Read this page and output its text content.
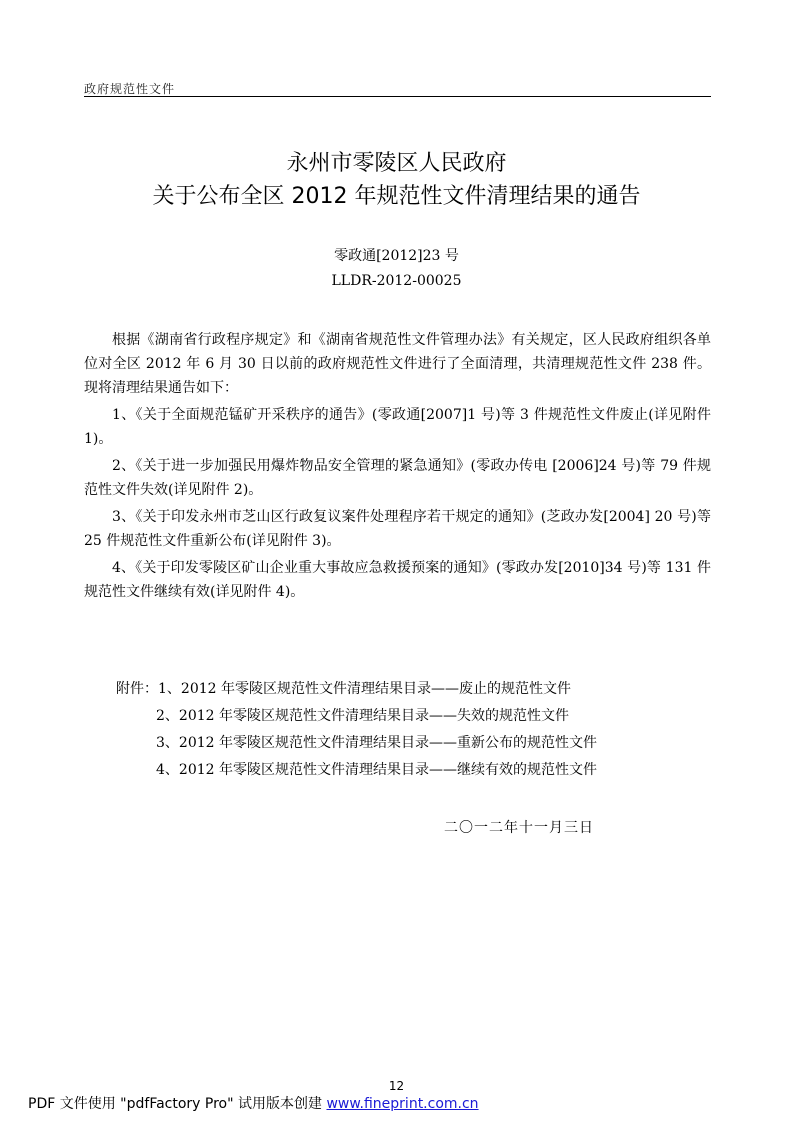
政府规范性文件
永州市零陵区人民政府
关于公布全区 2012 年规范性文件清理结果的通告
零政通[2012]23 号
LLDR-2012-00025

根据《湖南省行政程序规定》和《湖南省规范性文件管理办法》有关规定，区人民政府组织各单位对全区 2012 年 6 月 30 日以前的政府规范性文件进行了全面清理，共清理规范性文件 238 件。现将清理结果通告如下：

1、《关于全面规范锰矿开采秩序的通告》(零政通[2007]1 号)等 3 件规范性文件废止(详见附件 1)。

2、《关于进一步加强民用爆炸物品安全管理的紧急通知》(零政办传电 [2006]24 号)等 79 件规范性文件失效(详见附件 2)。

3、《关于印发永州市芝山区行政复议案件处理程序若干规定的通知》(芝政办发[2004] 20 号)等 25 件规范性文件重新公布(详见附件 3)。

4、《关于印发零陵区矿山企业重大事故应急救援预案的通知》(零政办发[2010]34 号)等 131 件规范性文件继续有效(详见附件 4)。

附件：1、2012 年零陵区规范性文件清理结果目录——废止的规范性文件
2、2012 年零陵区规范性文件清理结果目录——失效的规范性文件
3、2012 年零陵区规范性文件清理结果目录——重新公布的规范性文件
4、2012 年零陵区规范性文件清理结果目录——继续有效的规范性文件
二〇一二年十一月三日
12
PDF 文件使用 "pdfFactory Pro" 试用版本创建 www.fineprint.com.cn
